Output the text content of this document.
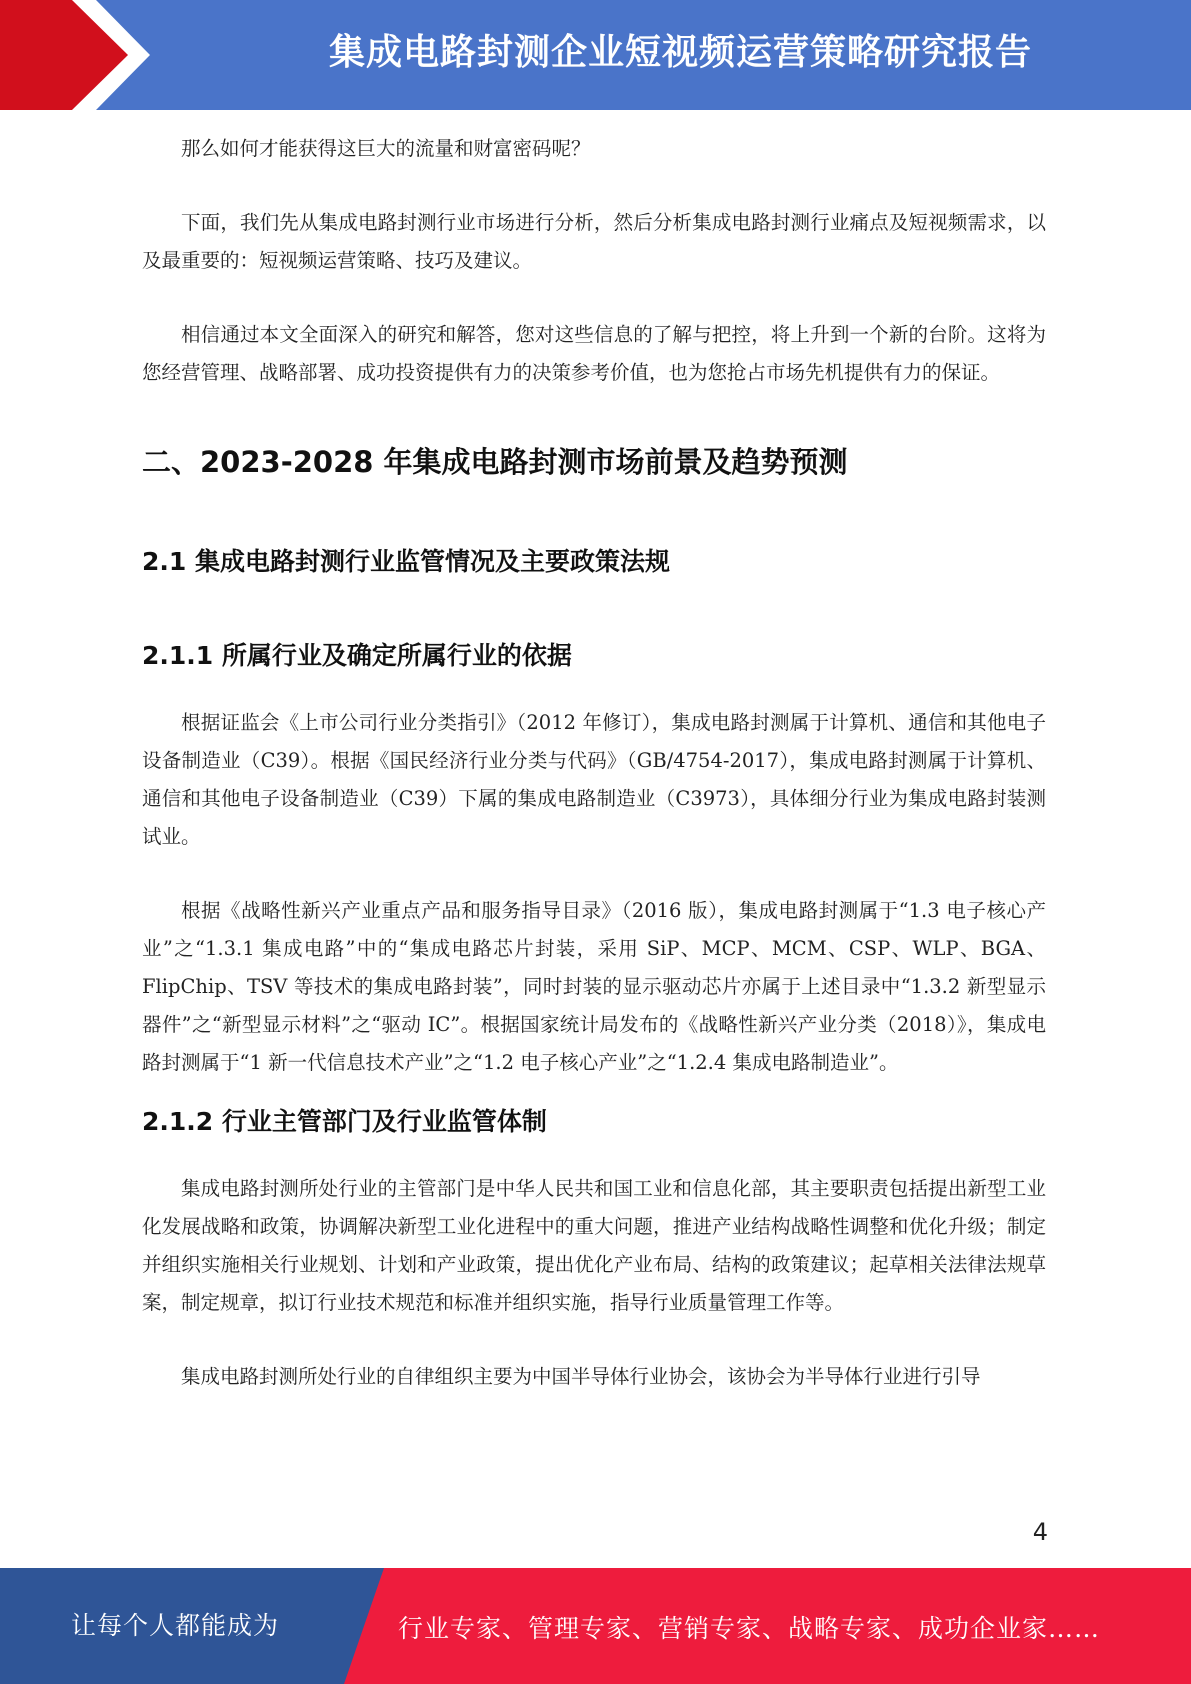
集成电路封测企业短视频运营策略研究报告

那么如何才能获得这巨大的流量和财富密码呢？

下面，我们先从集成电路封测行业市场进行分析，然后分析集成电路封测行业痛点及短视频需求，以及最重要的：短视频运营策略、技巧及建议。

相信通过本文全面深入的研究和解答，您对这些信息的了解与把控，将上升到一个新的台阶。这将为您经营管理、战略部署、成功投资提供有力的决策参考价值，也为您抢占市场先机提供有力的保证。

二、2023-2028 年集成电路封测市场前景及趋势预测
2.1 集成电路封测行业监管情况及主要政策法规
2.1.1 所属行业及确定所属行业的依据

根据证监会《上市公司行业分类指引》（2012 年修订），集成电路封测属于计算机、通信和其他电子设备制造业（C39）。根据《国民经济行业分类与代码》（GB/4754-2017），集成电路封测属于计算机、通信和其他电子设备制造业（C39）下属的集成电路制造业（C3973），具体细分行业为集成电路封装测试业。

根据《战略性新兴产业重点产品和服务指导目录》（2016 版），集成电路封测属于“1.3 电子核心产业”之“1.3.1 集成电路”中的“集成电路芯片封装，采用 SiP、MCP、MCM、CSP、WLP、BGA、FlipChip、TSV 等技术的集成电路封装”，同时封装的显示驱动芯片亦属于上述目录中“1.3.2 新型显示器件”之“新型显示材料”之“驱动 IC”。根据国家统计局发布的《战略性新兴产业分类（2018）》，集成电路封测属于“1 新一代信息技术产业”之“1.2 电子核心产业”之“1.2.4 集成电路制造业”。

2.1.2 行业主管部门及行业监管体制

集成电路封测所处行业的主管部门是中华人民共和国工业和信息化部，其主要职责包括提出新型工业化发展战略和政策，协调解决新型工业化进程中的重大问题，推进产业结构战略性调整和优化升级；制定并组织实施相关行业规划、计划和产业政策，提出优化产业布局、结构的政策建议；起草相关法律法规草案，制定规章，拟订行业技术规范和标准并组织实施，指导行业质量管理工作等。

集成电路封测所处行业的自律组织主要为中国半导体行业协会，该协会为半导体行业进行引导

4
让每个人都能成为	行业专家、管理专家、营销专家、战略专家、成功企业家……
